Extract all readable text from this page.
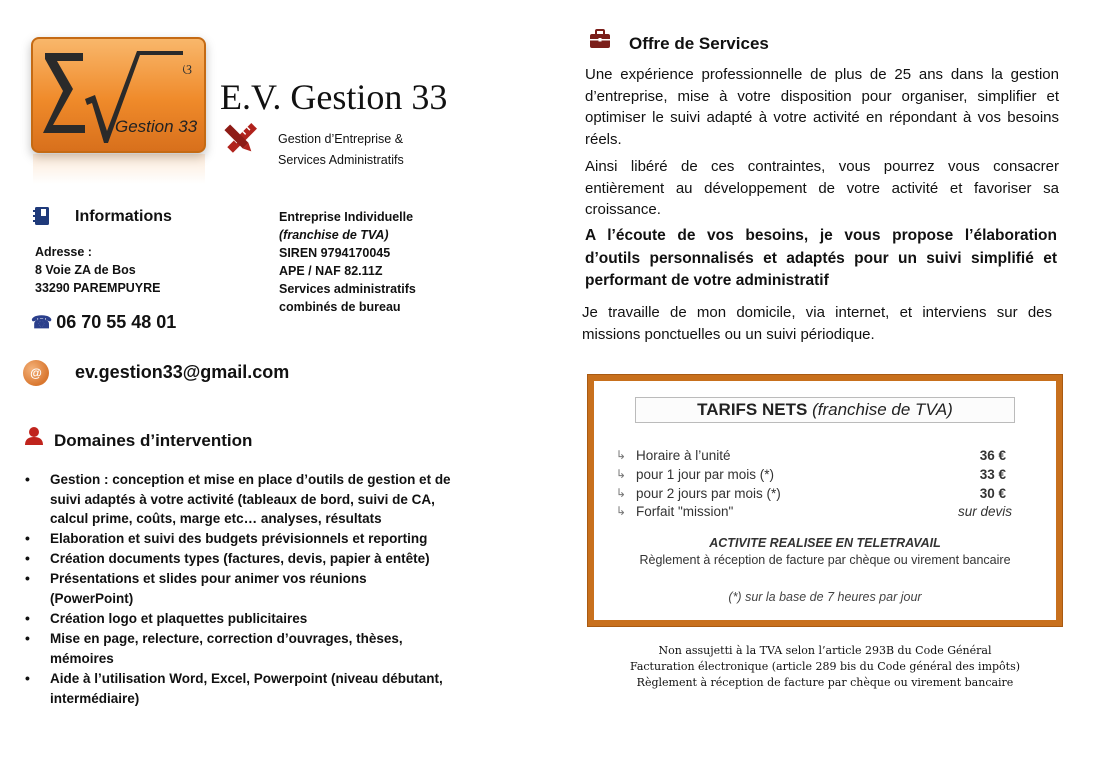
ଓ
Gestion 33
E.V. Gestion 33
Gestion d’Entreprise &
Services Administratifs
Informations
Adresse :
8 Voie ZA de Bos
33290 PAREMPUYRE
Entreprise Individuelle
(franchise de TVA)
SIREN 9794170045
APE / NAF 82.11Z
Services administratifs
combinés de bureau
☎ 06 70 55 48 01
@	ev.gestion33@gmail.com
Domaines d’intervention
• Gestion : conception et mise en place d’outils de gestion et de suivi adaptés à votre activité (tableaux de bord, suivi de CA, calcul prime, coûts, marge etc… analyses, résultats
• Elaboration et suivi des budgets prévisionnels et reporting
• Création documents types (factures, devis, papier à entête)
• Présentations et slides pour animer vos réunions (PowerPoint)
• Création logo et plaquettes publicitaires
• Mise en page, relecture, correction d’ouvrages, thèses, mémoires
• Aide à l’utilisation Word, Excel, Powerpoint (niveau débutant, intermédiaire)
Offre de Services
Une expérience professionnelle de plus de 25 ans dans la gestion d’entreprise, mise à votre disposition pour organiser, simplifier et optimiser le suivi adapté à votre activité en répondant à vos besoins réels.
Ainsi libéré de ces contraintes, vous pourrez vous consacrer entièrement au développement de votre activité et favoriser sa croissance.
A l’écoute de vos besoins, je vous propose l’élaboration d’outils personnalisés et adaptés pour un suivi simplifié et performant de votre administratif
Je travaille de mon domicile, via internet, et interviens sur des missions ponctuelles ou un suivi périodique.
TARIFS NETS (franchise de TVA)
↳ Horaire à l’unité	36 €
↳ pour 1 jour par mois (*)	33 €
↳ pour 2 jours par mois (*)	30 €
↳ Forfait "mission"	sur devis
ACTIVITE REALISEE EN TELETRAVAIL
Règlement à réception de facture par chèque ou virement bancaire
(*) sur la base de 7 heures par jour
Non assujetti à la TVA selon l’article 293B du Code Général
Facturation électronique (article 289 bis du Code général des impôts)
Règlement à réception de facture par chèque ou virement bancaire
